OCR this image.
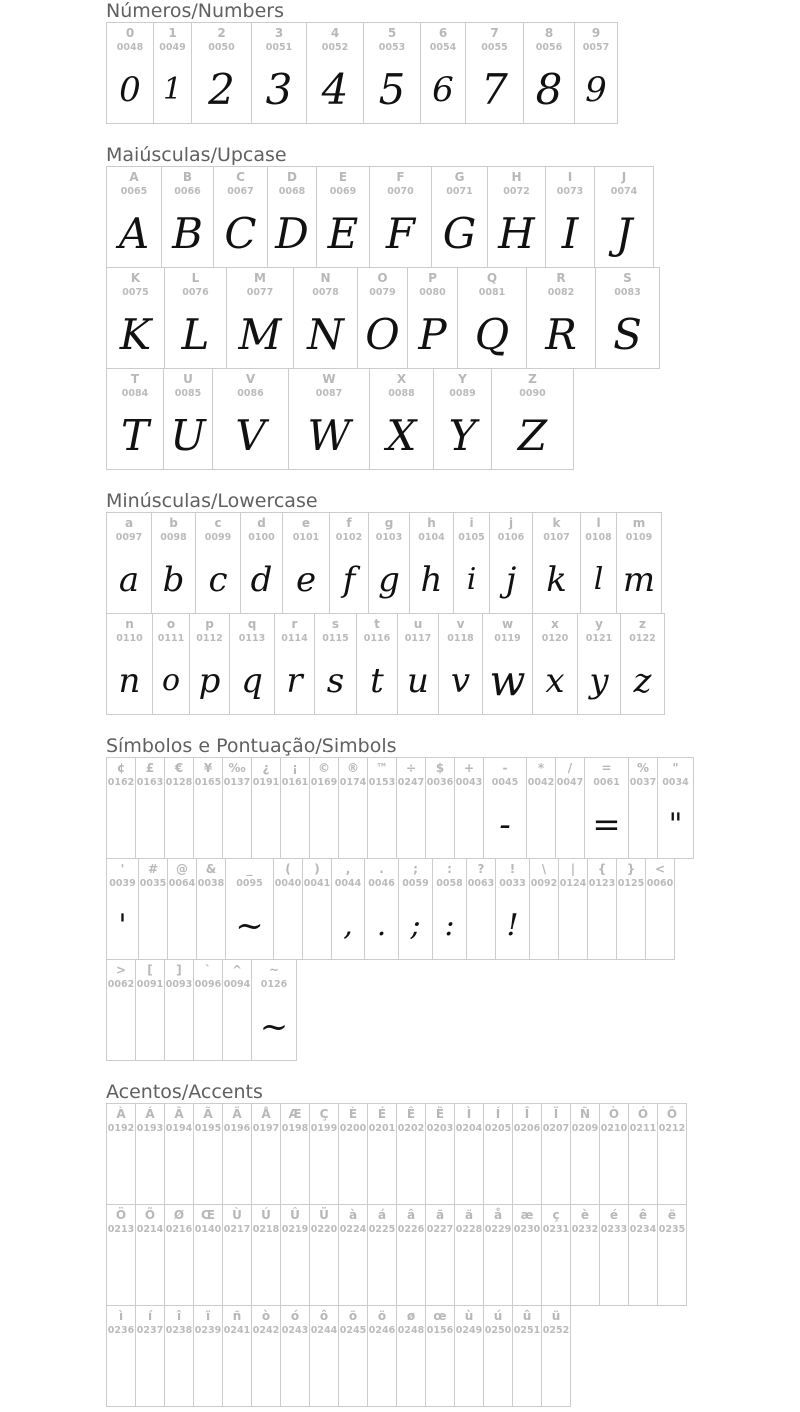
Números/Numbers
0
0048
0
1
0049
1
2
0050
2
3
0051
3
4
0052
4
5
0053
5
6
0054
6
7
0055
7
8
0056
8
9
0057
9
Maiúsculas/Upcase
A
0065
A
B
0066
B
C
0067
C
D
0068
D
E
0069
E
F
0070
F
G
0071
G
H
0072
H
I
0073
I
J
0074
J
K
0075
K
L
0076
L
M
0077
M
N
0078
N
O
0079
O
P
0080
P
Q
0081
Q
R
0082
R
S
0083
S
T
0084
T
U
0085
U
V
0086
V
W
0087
W
X
0088
X
Y
0089
Y
Z
0090
Z
Minúsculas/Lowercase
a
0097
a
b
0098
b
c
0099
c
d
0100
d
e
0101
e
f
0102
f
g
0103
g
h
0104
h
i
0105
i
j
0106
j
k
0107
k
l
0108
l
m
0109
m
n
0110
n
o
0111
o
p
0112
p
q
0113
q
r
0114
r
s
0115
s
t
0116
t
u
0117
u
v
0118
v
w
0119
w
x
0120
x
y
0121
y
z
0122
z
Símbolos e Pontuação/Simbols
¢
0162
£
0163
€
0128
¥
0165
‰
0137
¿
0191
¡
0161
©
0169
®
0174
™
0153
÷
0247
$
0036
+
0043
-
0045
-
*
0042
/
0047
=
0061
=
%
0037
"
0034
"
'
0039
'
#
0035
@
0064
&
0038
_
0095
~
(
0040
)
0041
,
0044
,
.
0046
.
;
0059
;
:
0058
:
?
0063
!
0033
!
\
0092
|
0124
{
0123
}
0125
<
0060
>
0062
[
0091
]
0093
`
0096
^
0094
~
0126
~
Acentos/Accents
À
0192
Á
0193
Â
0194
Ã
0195
Ä
0196
Å
0197
Æ
0198
Ç
0199
È
0200
É
0201
Ê
0202
Ë
0203
Ì
0204
Í
0205
Î
0206
Ï
0207
Ñ
0209
Ò
0210
Ó
0211
Ô
0212
Ö
0213
Õ
0214
Ø
0216
Œ
0140
Ù
0217
Ú
0218
Û
0219
Ü
0220
à
0224
á
0225
â
0226
ã
0227
ä
0228
å
0229
æ
0230
ç
0231
è
0232
é
0233
ê
0234
ë
0235
ì
0236
í
0237
î
0238
ï
0239
ñ
0241
ò
0242
ó
0243
ô
0244
õ
0245
ö
0246
ø
0248
œ
0156
ù
0249
ú
0250
û
0251
ü
0252
